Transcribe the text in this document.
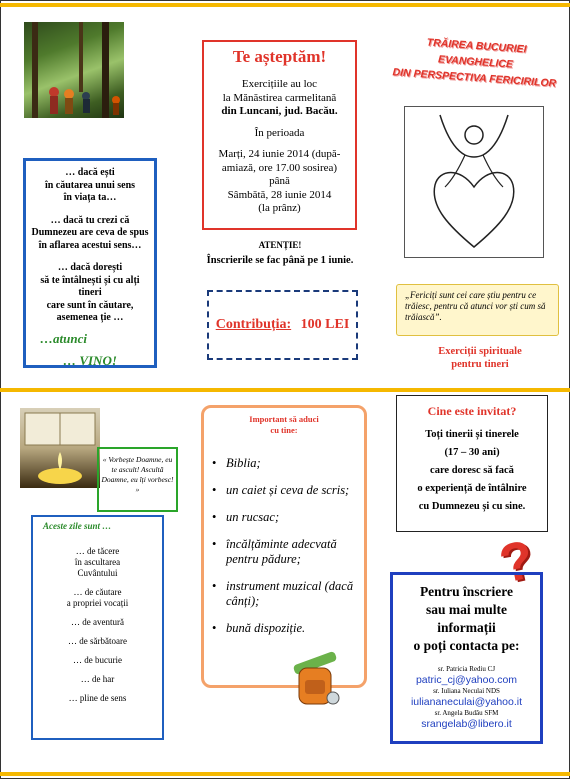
… dacă ești
în căutarea unui sens
în viața ta…
… dacă tu crezi că
Dumnezeu are ceva de spus
în aflarea acestui sens…
… dacă dorești
să te întâlnești și cu alți tineri
care sunt în căutare,
asemenea ție …
…atunci
… VINO!
Te așteptăm!
Exercițiile au loc
la Mănăstirea carmelitană
din Luncani, jud. Bacău.
În perioada
Marți, 24 iunie 2014 (după-
amiază, ore 17.00 sosirea)
până
Sâmbătă, 28 iunie 2014
(la prânz)
ATENȚIE!
Înscrierile se fac până pe 1 iunie.
Contribuția: 100 LEI
TRĂIREA BUCURIEI EVANGHELICE
DIN PERSPECTIVA FERICIRILOR
„Fericiți sunt cei care știu pentru ce trăiesc, pentru că atunci vor ști cum să trăiască”.
Exerciții spirituale
pentru tineri
« Vorbește Doamne, eu te ascult! Ascultă Doamne, eu îți vorbesc! »
Aceste zile sunt …
… de tăcere
în ascultarea
Cuvântului
… de căutare
a propriei vocații
… de aventură
… de sărbătoare
… de bucurie
… de har
… pline de sens
Important să aduci
cu tine:
• Biblia;
• un caiet și ceva de scris;
• un rucsac;
• încălțăminte adecvată pentru pădure;
• instrument muzical (dacă cânți);
• bună dispoziție.
Cine este invitat?
Toți tinerii și tinerele
(17 – 30 ani)
care doresc să facă
o experiență de întâlnire
cu Dumnezeu și cu sine.
?
Pentru înscriere
sau mai multe
informații
o poți contacta pe:
sr. Patricia Rediu CJ
patric_cj@yahoo.com
sr. Iuliana Neculai NDS
iuliananeculai@yahoo.it
sr. Angela Budău SFM
srangelab@libero.it
